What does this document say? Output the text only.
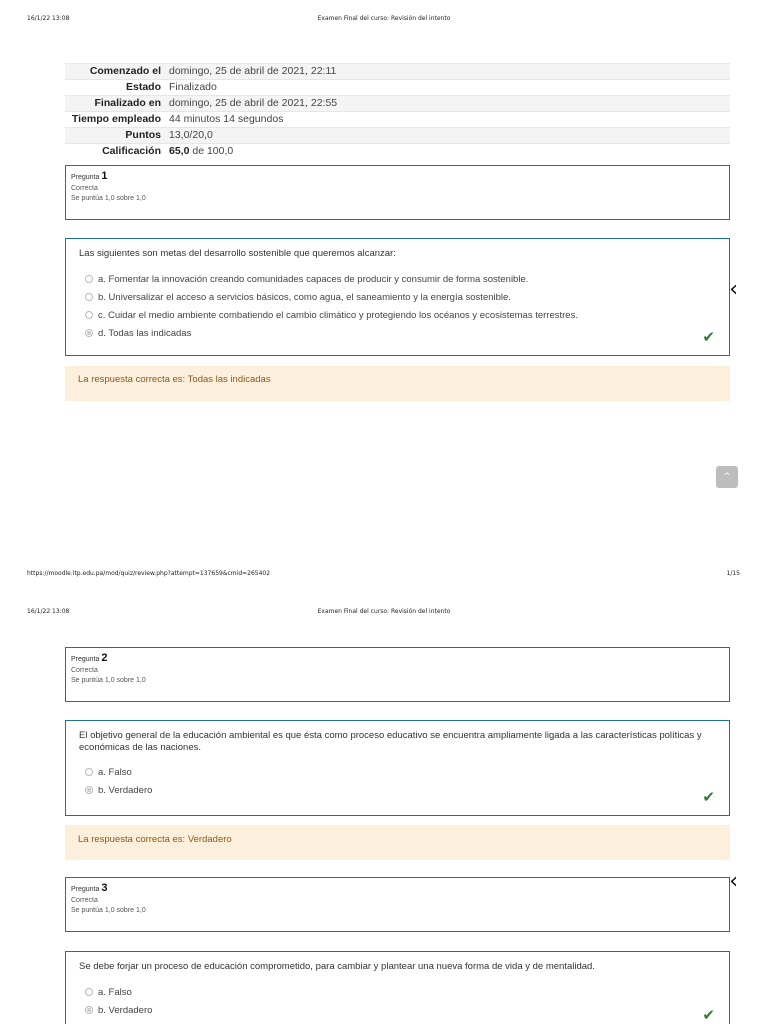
16/1/22 13:08	Examen Final del curso: Revisión del intento
Comenzado el	domingo, 25 de abril de 2021, 22:11
Estado	Finalizado
Finalizado en	domingo, 25 de abril de 2021, 22:55
Tiempo empleado	44 minutos 14 segundos
Puntos	13,0/20,0
Calificación	65,0 de 100,0
Pregunta 1
Correcta
Se puntúa 1,0 sobre 1,0
Las siguientes son metas del desarrollo sostenible que queremos alcanzar:
a. Fomentar la innovación creando comunidades capaces de producir y consumir de forma sostenible.
b. Universalizar el acceso a servicios básicos, como agua, el saneamiento y la energía sostenible.
c. Cuidar el medio ambiente combatiendo el cambio climático y protegiendo los océanos y ecosistemas terrestres.
d. Todas las indicadas	✔
La respuesta correcta es: Todas las indicadas
‹
^
https://moodle.itp.edu.pa/mod/quiz/review.php?attempt=137659&cmid=265402	1/15
16/1/22 13:08	Examen Final del curso: Revisión del intento
Pregunta 2
Correcta
Se puntúa 1,0 sobre 1,0
El objetivo general de la educación ambiental es que ésta como proceso educativo se encuentra ampliamente ligada a las características políticas y económicas de las naciones.
a. Falso
b. Verdadero	✔
La respuesta correcta es: Verdadero
Pregunta 3
Correcta
Se puntúa 1,0 sobre 1,0
‹
Se debe forjar un proceso de educación comprometido, para cambiar y plantear una nueva forma de vida y de mentalidad.
a. Falso
b. Verdadero	✔
